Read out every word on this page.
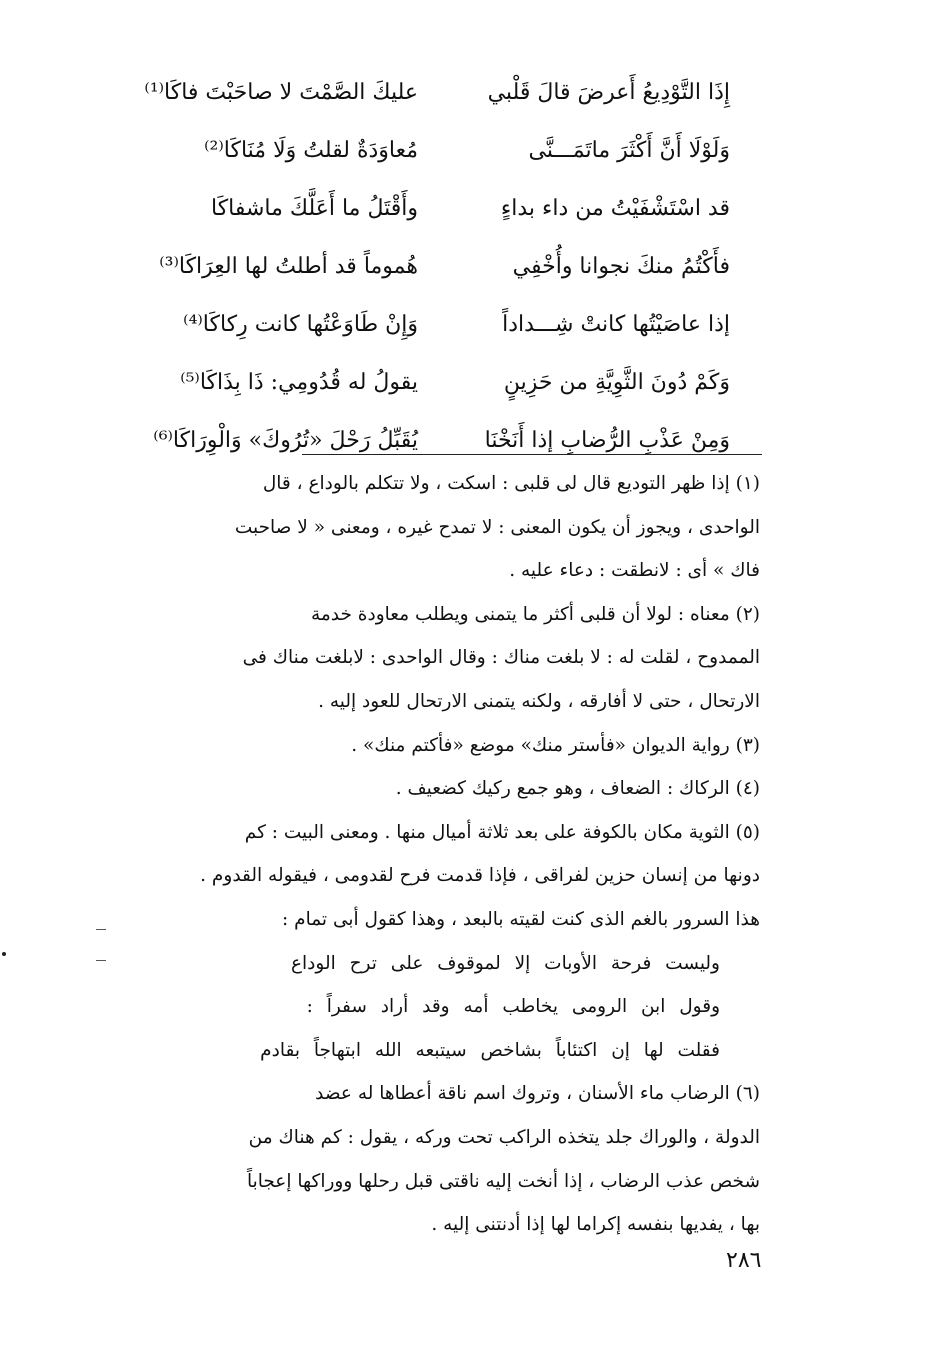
إِذَا التَّوْدِيعُ أَعرضَ قالَ قَلْبي
عليكَ الصَّمْتَ لا صاحَبْتَ فاكَا⁽¹⁾
وَلَوْلَا أَنَّ أَكْثَرَ ماتَمَـــنَّى
مُعاوَدَةٌ لقلتُ وَلَا مُنَاكَا⁽²⁾
قد اسْتَشْفَيْتُ من داء بداءٍ
وأَقْتَلُ ما أَعَلَّكَ ماشفاكَا
فأَكْتُمُ منكَ نجوانا وأُخْفِي
هُموماً قد أطلتُ لها العِرَاكَا⁽³⁾
إذا عاصَيْتُها كانتْ شِـــداداً
وَإِنْ طَاوَعْتُها كانت رِكاكَا⁽⁴⁾
وَكَمْ دُونَ الثَّوِيَّةِ من حَزِينٍ
يقولُ له قُدُومِي: ذَا بِذَاكَا⁽⁵⁾
وَمِنْ عَذْبِ الرُّضابِ إذا أَنَخْنَا
يُقَبِّلُ رَحْلَ «تُرُوكَ» وَالْوِرَاكَا⁽⁶⁾
(١) إذا ظهر التوديع قال لى قلبى : اسكت ، ولا تتكلم بالوداع ، قال
الواحدى ، ويجوز أن يكون المعنى : لا تمدح غيره ، ومعنى « لا صاحبت
فاك » أى : لانطقت : دعاء عليه .
(٢) معناه : لولا أن قلبى أكثر ما يتمنى ويطلب معاودة خدمة
الممدوح ، لقلت له : لا بلغت مناك : وقال الواحدى : لابلغت مناك فى
الارتحال ، حتى لا أفارقه ، ولكنه يتمنى الارتحال للعود إليه .
(٣) رواية الديوان «فأستر منك» موضع «فأكتم منك» .
(٤) الركاك : الضعاف ، وهو جمع ركيك كضعيف .
(٥) الثوية مكان بالكوفة على بعد ثلاثة أميال منها . ومعنى البيت : كم
دونها من إنسان حزين لفراقى ، فإذا قدمت فرح لقدومى ، فيقوله القدوم .
هذا السرور بالغم الذى كنت لقيته بالبعد ، وهذا كقول أبى تمام :
وليست فرحة الأوبات إلا لموقوف على ترح الوداع
وقول ابن الرومى يخاطب أمه وقد أراد سفراً :
فقلت لها إن اكتئاباً بشاخص سيتبعه الله ابتهاجاً بقادم
(٦) الرضاب ماء الأسنان ، وتروك اسم ناقة أعطاها له عضد
الدولة ، والوراك جلد يتخذه الراكب تحت وركه ، يقول : كم هناك من
شخص عذب الرضاب ، إذا أنخت إليه ناقتى قبل رحلها ووراكها إعجاباً
بها ، يفديها بنفسه إكراما لها إذا أدنتنى إليه .
٢٨٦
